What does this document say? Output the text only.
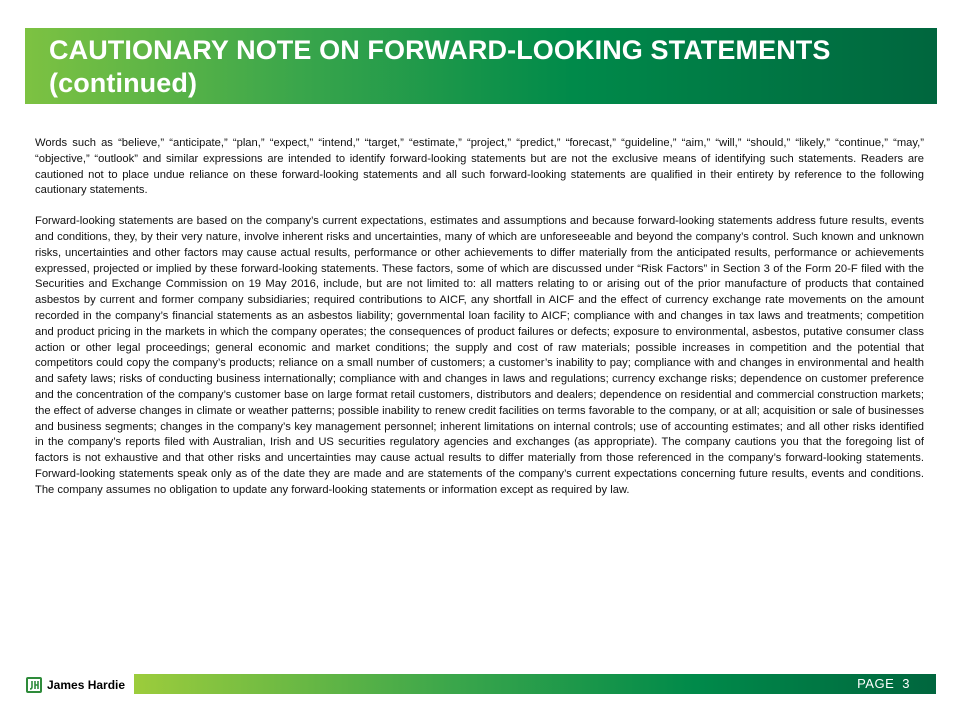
CAUTIONARY NOTE ON FORWARD-LOOKING STATEMENTS
(continued)

Words such as “believe,” “anticipate,” “plan,” “expect,” “intend,” “target,” “estimate,” “project,” “predict,” “forecast,” “guideline,” “aim,” “will,” “should,” “likely,” “continue,” “may,” “objective,” “outlook” and similar expressions are intended to identify forward-looking statements but are not the exclusive means of identifying such statements. Readers are cautioned not to place undue reliance on these forward-looking statements and all such forward-looking statements are qualified in their entirety by reference to the following cautionary statements.

Forward-looking statements are based on the company’s current expectations, estimates and assumptions and because forward-looking statements address future results, events and conditions, they, by their very nature, involve inherent risks and uncertainties, many of which are unforeseeable and beyond the company’s control. Such known and unknown risks, uncertainties and other factors may cause actual results, performance or other achievements to differ materially from the anticipated results, performance or achievements expressed, projected or implied by these forward-looking statements. These factors, some of which are discussed under “Risk Factors” in Section 3 of the Form 20-F filed with the Securities and Exchange Commission on 19 May 2016, include, but are not limited to: all matters relating to or arising out of the prior manufacture of products that contained asbestos by current and former company subsidiaries; required contributions to AICF, any shortfall in AICF and the effect of currency exchange rate movements on the amount recorded in the company’s financial statements as an asbestos liability; governmental loan facility to AICF; compliance with and changes in tax laws and treatments; competition and product pricing in the markets in which the company operates; the consequences of product failures or defects; exposure to environmental, asbestos, putative consumer class action or other legal proceedings; general economic and market conditions; the supply and cost of raw materials; possible increases in competition and the potential that competitors could copy the company’s products; reliance on a small number of customers; a customer’s inability to pay; compliance with and changes in environmental and health and safety laws; risks of conducting business internationally; compliance with and changes in laws and regulations; currency exchange risks; dependence on customer preference and the concentration of the company’s customer base on large format retail customers, distributors and dealers; dependence on residential and commercial construction markets; the effect of adverse changes in climate or weather patterns; possible inability to renew credit facilities on terms favorable to the company, or at all; acquisition or sale of businesses and business segments; changes in the company’s key management personnel; inherent limitations on internal controls; use of accounting estimates; and all other risks identified in the company’s reports filed with Australian, Irish and US securities regulatory agencies and exchanges (as appropriate). The company cautions you that the foregoing list of factors is not exhaustive and that other risks and uncertainties may cause actual results to differ materially from those referenced in the company’s forward-looking statements. Forward-looking statements speak only as of the date they are made and are statements of the company’s current expectations concerning future results, events and conditions. The company assumes no obligation to update any forward-looking statements or information except as required by law.

James Hardie	PAGE 3
